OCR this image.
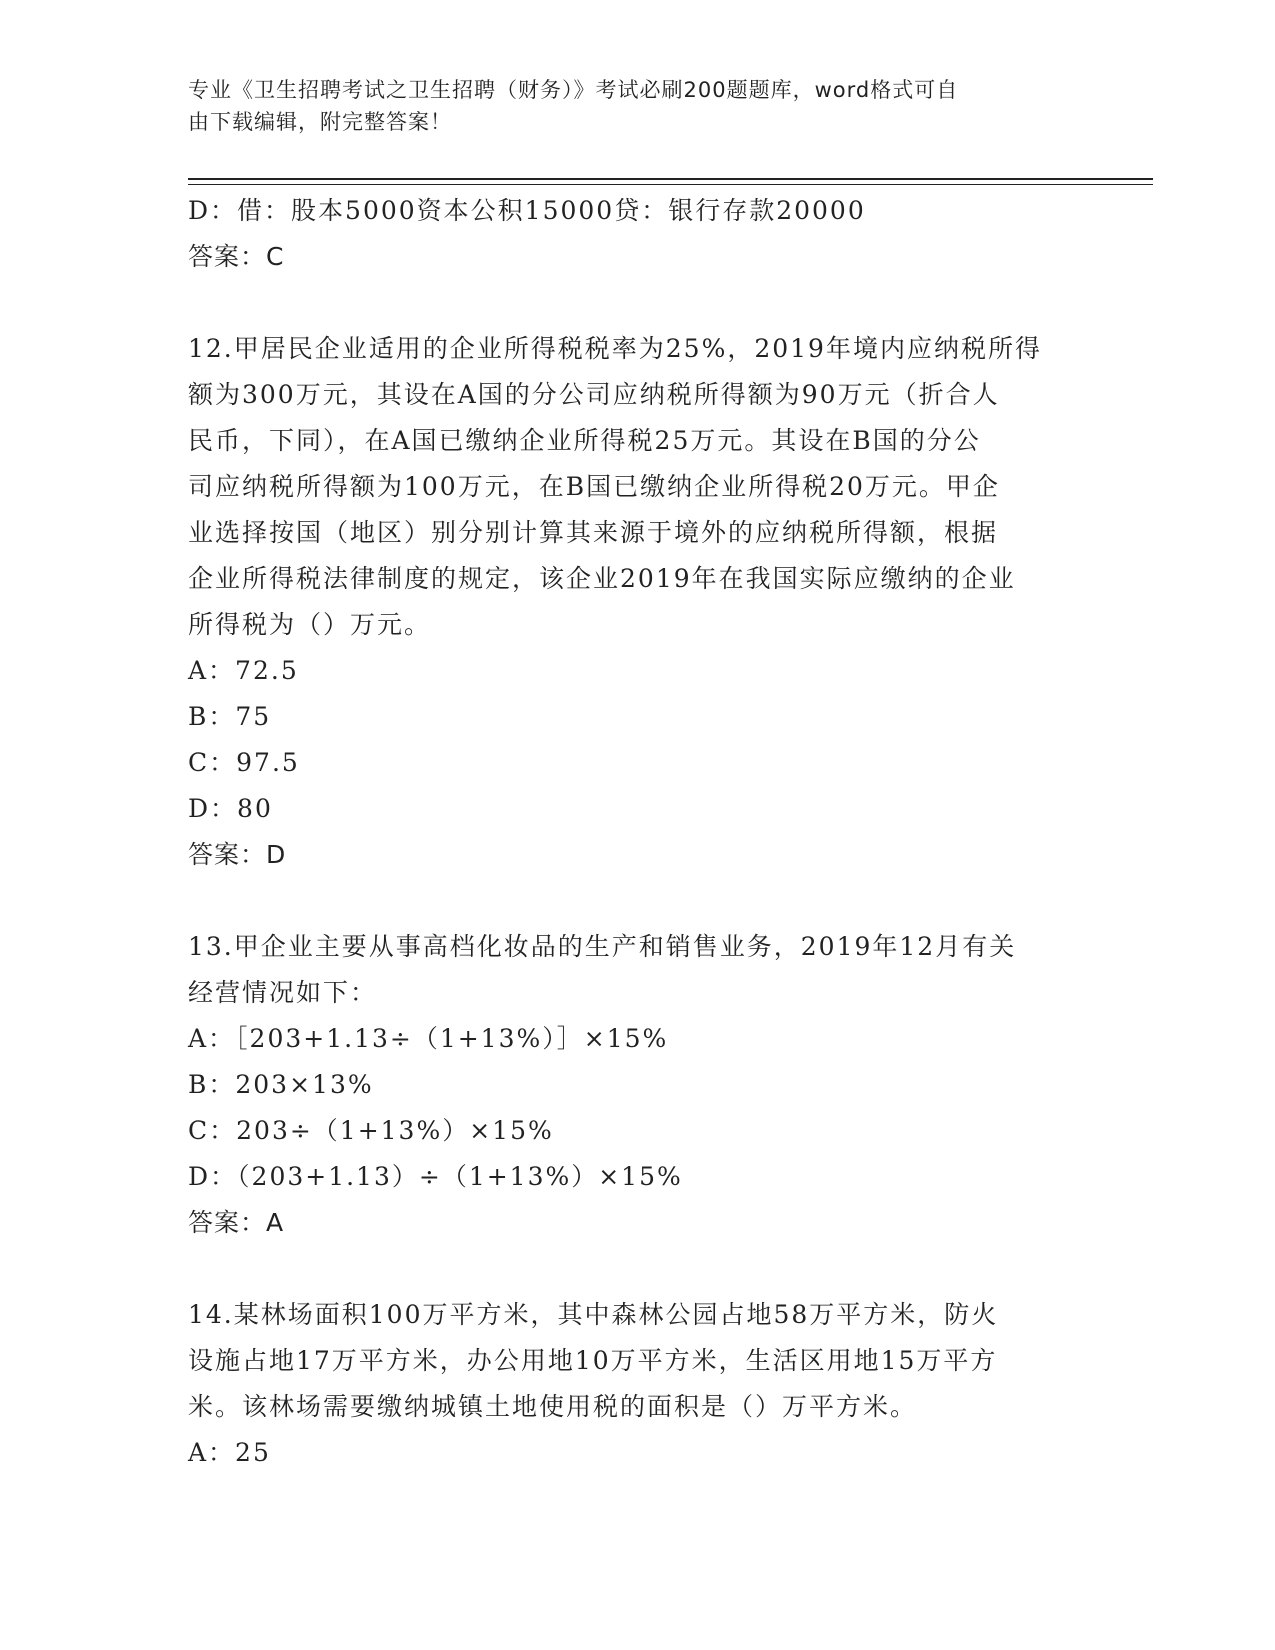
专业《卫生招聘考试之卫生招聘（财务）》考试必刷200题题库，word格式可自
由下载编辑，附完整答案！
D：借：股本5000资本公积15000贷：银行存款20000
答案：C
12.甲居民企业适用的企业所得税税率为25%，2019年境内应纳税所得
额为300万元，其设在A国的分公司应纳税所得额为90万元（折合人
民币，下同），在A国已缴纳企业所得税25万元。其设在B国的分公
司应纳税所得额为100万元，在B国已缴纳企业所得税20万元。甲企
业选择按国（地区）别分别计算其来源于境外的应纳税所得额，根据
企业所得税法律制度的规定，该企业2019年在我国实际应缴纳的企业
所得税为（）万元。
A：72.5
B：75
C：97.5
D：80
答案：D
13.甲企业主要从事高档化妆品的生产和销售业务，2019年12月有关
经营情况如下：
A：［203+1.13÷（1+13%）］×15%
B：203×13%
C：203÷（1+13%）×15%
D：（203+1.13）÷（1+13%）×15%
答案：A
14.某林场面积100万平方米，其中森林公园占地58万平方米，防火
设施占地17万平方米，办公用地10万平方米，生活区用地15万平方
米。该林场需要缴纳城镇土地使用税的面积是（）万平方米。
A：25
